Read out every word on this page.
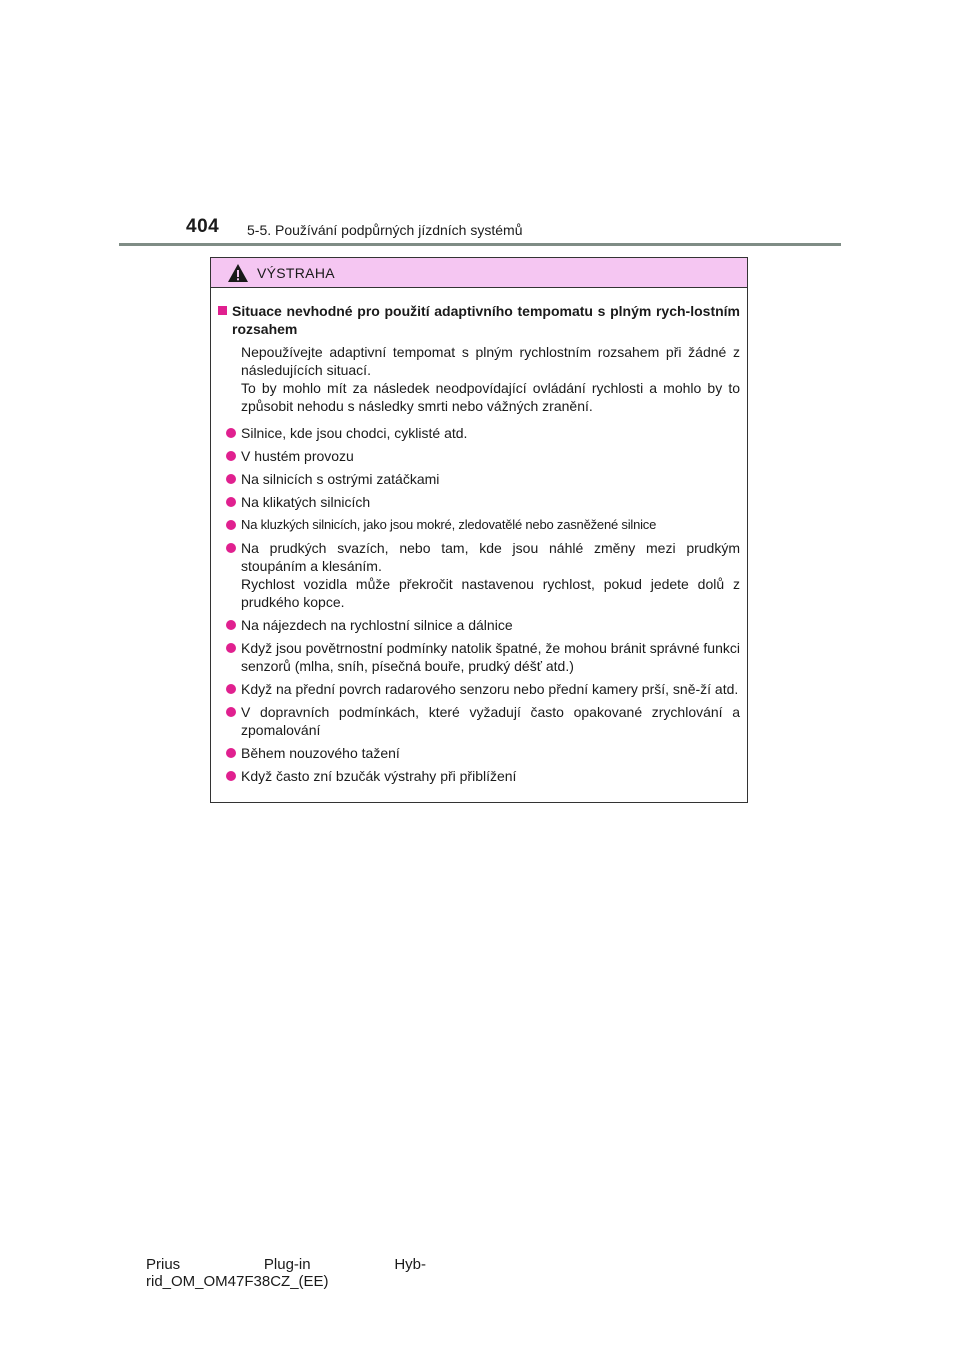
404 5-5. Používání podpůrných jízdních systémů
VÝSTRAHA
Situace nevhodné pro použití adaptivního tempomatu s plným rych-lostním rozsahem
Nepoužívejte adaptivní tempomat s plným rychlostním rozsahem při žádné z následujících situací.
To by mohlo mít za následek neodpovídající ovládání rychlosti a mohlo by to způsobit nehodu s následky smrti nebo vážných zranění.
Silnice, kde jsou chodci, cyklisté atd.
V hustém provozu
Na silnicích s ostrými zatáčkami
Na klikatých silnicích
Na kluzkých silnicích, jako jsou mokré, zledovatělé nebo zasněžené silnice
Na prudkých svazích, nebo tam, kde jsou náhlé změny mezi prudkým stoupáním a klesáním.
Rychlost vozidla může překročit nastavenou rychlost, pokud jedete dolů z prudkého kopce.
Na nájezdech na rychlostní silnice a dálnice
Když jsou povětrnostní podmínky natolik špatné, že mohou bránit správné funkci senzorů (mlha, sníh, písečná bouře, prudký déšť atd.)
Když na přední povrch radarového senzoru nebo přední kamery prší, sně-ží atd.
V dopravních podmínkách, které vyžadují často opakované zrychlování a zpomalování
Během nouzového tažení
Když často zní bzučák výstrahy při přiblížení
Prius	Plug-in	Hyb-
rid_OM_OM47F38CZ_(EE)
